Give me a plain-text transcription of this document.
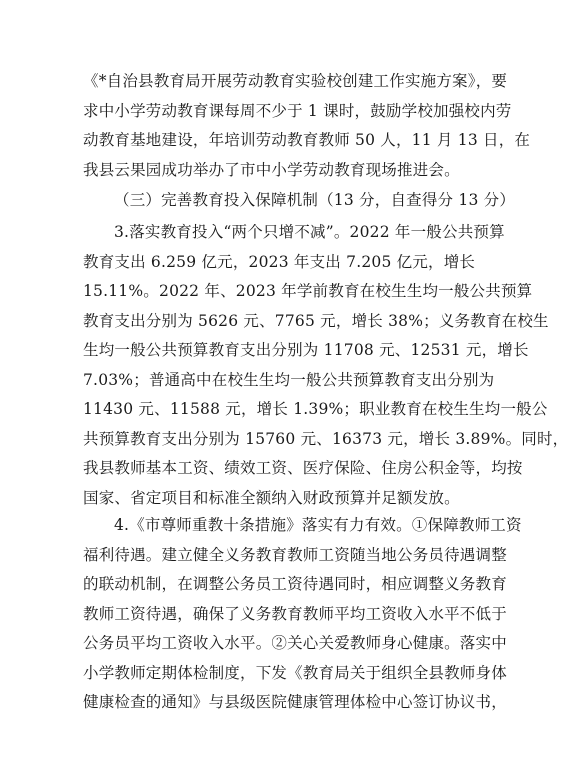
《*自治县教育局开展劳动教育实验校创建工作实施方案》，要
求中小学劳动教育课每周不少于 1 课时，鼓励学校加强校内劳
动教育基地建设，年培训劳动教育教师 50 人，11 月 13 日，在
我县云果园成功举办了市中小学劳动教育现场推进会。
（三）完善教育投入保障机制（13 分，自查得分 13 分）
3.落实教育投入“两个只增不减”。2022 年一般公共预算
教育支出 6.259 亿元，2023 年支出 7.205 亿元，增长
15.11%。2022 年、2023 年学前教育在校生生均一般公共预算
教育支出分别为 5626 元、7765 元，增长 38%；义务教育在校生
生均一般公共预算教育支出分别为 11708 元、12531 元，增长
7.03%；普通高中在校生生均一般公共预算教育支出分别为
11430 元、11588 元，增长 1.39%；职业教育在校生生均一般公
共预算教育支出分别为 15760 元、16373 元，增长 3.89%。同时，
我县教师基本工资、绩效工资、医疗保险、住房公积金等，均按
国家、省定项目和标准全额纳入财政预算并足额发放。
4.《市尊师重教十条措施》落实有力有效。①保障教师工资
福利待遇。建立健全义务教育教师工资随当地公务员待遇调整
的联动机制，在调整公务员工资待遇同时，相应调整义务教育
教师工资待遇，确保了义务教育教师平均工资收入水平不低于
公务员平均工资收入水平。②关心关爱教师身心健康。落实中
小学教师定期体检制度，下发《教育局关于组织全县教师身体
健康检查的通知》与县级医院健康管理体检中心签订协议书，
